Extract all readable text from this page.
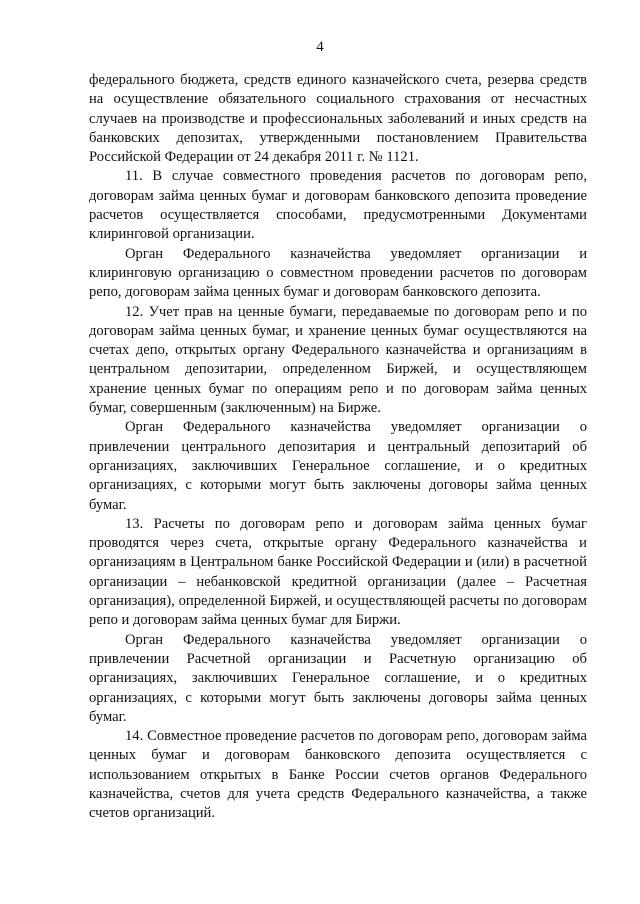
4

федерального бюджета, средств единого казначейского счета, резерва средств на осуществление обязательного социального страхования от несчастных случаев на производстве и профессиональных заболеваний и иных средств на банковских депозитах, утвержденными постановлением Правительства Российской Федерации от 24 декабря 2011 г. № 1121.

11. В случае совместного проведения расчетов по договорам репо, договорам займа ценных бумаг и договорам банковского депозита проведение расчетов осуществляется способами, предусмотренными Документами клиринговой организации.

Орган Федерального казначейства уведомляет организации и клиринговую организацию о совместном проведении расчетов по договорам репо, договорам займа ценных бумаг и договорам банковского депозита.

12. Учет прав на ценные бумаги, передаваемые по договорам репо и по договорам займа ценных бумаг, и хранение ценных бумаг осуществляются на счетах депо, открытых органу Федерального казначейства и организациям в центральном депозитарии, определенном Биржей, и осуществляющем хранение ценных бумаг по операциям репо и по договорам займа ценных бумаг, совершенным (заключенным) на Бирже.

Орган Федерального казначейства уведомляет организации о привлечении центрального депозитария и центральный депозитарий об организациях, заключивших Генеральное соглашение, и о кредитных организациях, с которыми могут быть заключены договоры займа ценных бумаг.

13. Расчеты по договорам репо и договорам займа ценных бумаг проводятся через счета, открытые органу Федерального казначейства и организациям в Центральном банке Российской Федерации и (или) в расчетной организации – небанковской кредитной организации (далее – Расчетная организация), определенной Биржей, и осуществляющей расчеты по договорам репо и договорам займа ценных бумаг для Биржи.

Орган Федерального казначейства уведомляет организации о привлечении Расчетной организации и Расчетную организацию об организациях, заключивших Генеральное соглашение, и о кредитных организациях, с которыми могут быть заключены договоры займа ценных бумаг.

14. Совместное проведение расчетов по договорам репо, договорам займа ценных бумаг и договорам банковского депозита осуществляется с использованием открытых в Банке России счетов органов Федерального казначейства, счетов для учета средств Федерального казначейства, а также счетов организаций.
